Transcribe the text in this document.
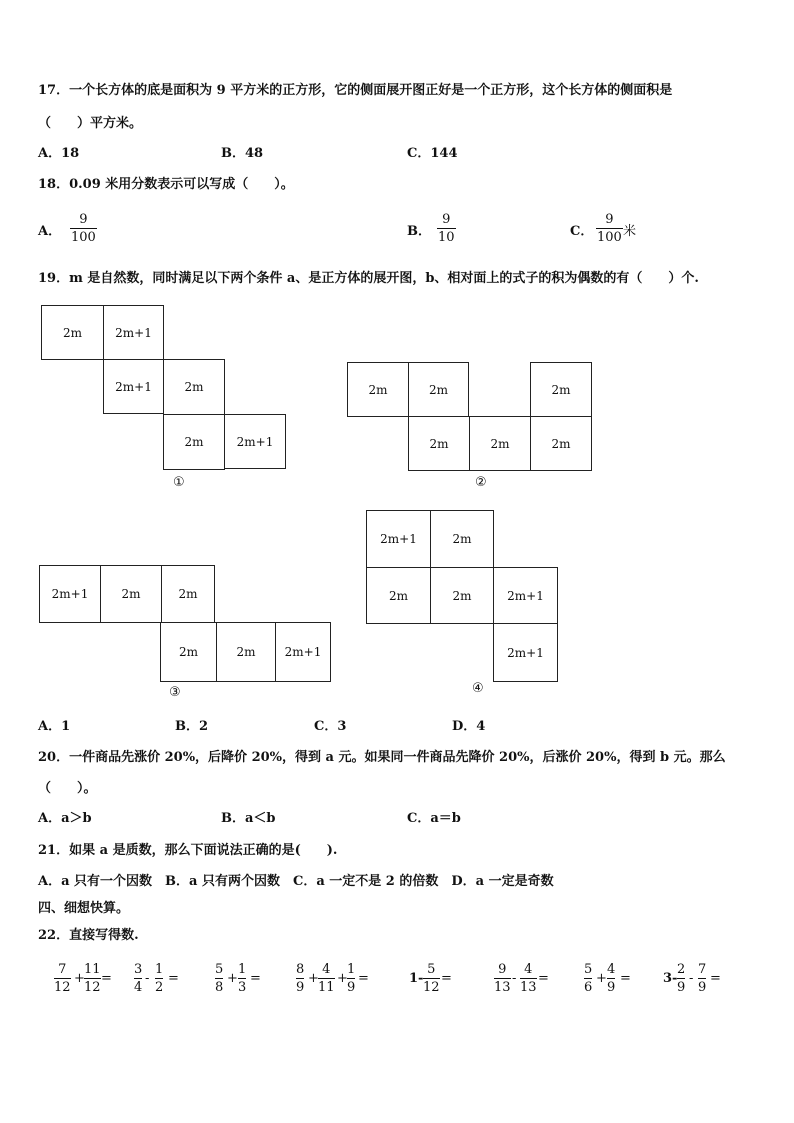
17．一个长方体的底是面积为 9 平方米的正方形，它的侧面展开图正好是一个正方形，这个长方体的侧面积是
（　　）平方米。
A．18	B．48	C．144
18．0.09 米用分数表示可以写成（　　）。
A．
9
100	B．
9
10	C．
9
100 米
19．m 是自然数，同时满足以下两个条件 a、是正方体的展开图，b、相对面上的式子的积为偶数的有（　　）个.
2m	2m+1
2m+1	2m
2m	2m+1
①
2m	2m	2m
2m	2m	2m
②
2m+1	2m	2m
2m	2m	2m+1
③
2m+1	2m
2m	2m	2m+1
2m+1
④
A．1	B．2	C．3	D．4
20．一件商品先涨价 20%，后降价 20%，得到 a 元。如果同一件商品先降价 20%，后涨价 20%，得到 b 元。那么
（　　）。
A．a＞b	B．a＜b	C．a＝b
21．如果 a 是质数，那么下面说法正确的是(　　).
A．a 只有一个因数　B．a 只有两个因数　C．a 一定不是 2 的倍数　D．a 一定是奇数
四、细想快算。
22．直接写得数.
7
12
+
11
12
=
3
4
-
1
2
=
5
8
+
1
3
=
8
9
+
4
11
+
1
9
=	1-
5
12
=
9
13
-
4
13
=
5
6
+
4
9
= 3-
2
9
-
7
9
=
